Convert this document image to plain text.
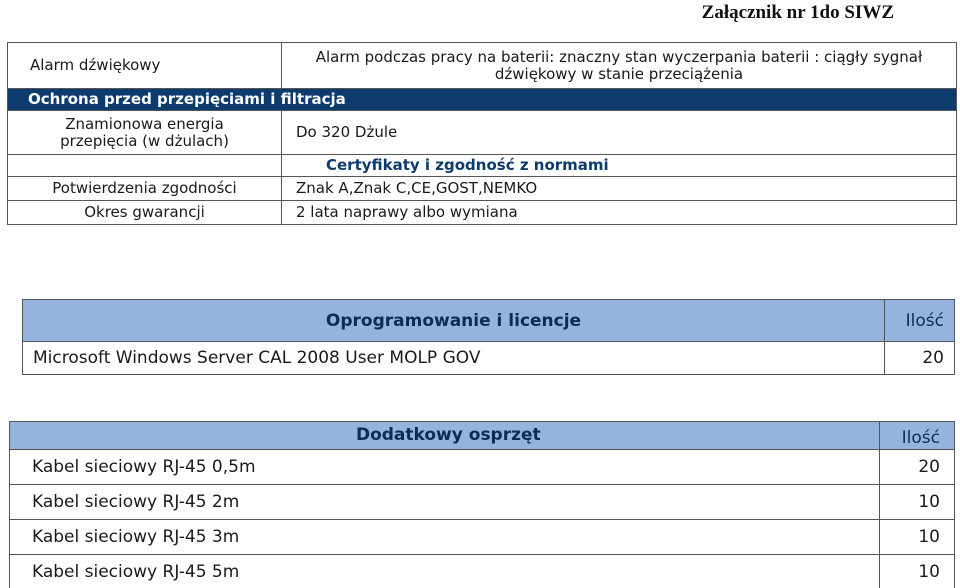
Załącznik nr 1do SIWZ
Alarm dźwiękowy	Alarm podczas pracy na baterii: znaczny stan wyczerpania baterii : ciągły sygnał
dźwiękowy w stanie przeciążenia

Ochrona przed przepięciami i filtracja	

Znamionowa energia
przepięcia (w dżulach)	Do 320 Dżule
	Certyfikaty i zgodność z normami
Potwierdzenia zgodności	Znak A,Znak C,CE,GOST,NEMKO
Okres gwarancji	2 lata naprawy albo wymiana
Oprogramowanie i licencje	Ilość
Microsoft Windows Server CAL 2008 User MOLP GOV	20
Dodatkowy osprzęt	Ilość
Kabel sieciowy RJ-45 0,5m	20
Kabel sieciowy RJ-45 2m	10
Kabel sieciowy RJ-45 3m	10
Kabel sieciowy RJ-45 5m	10
